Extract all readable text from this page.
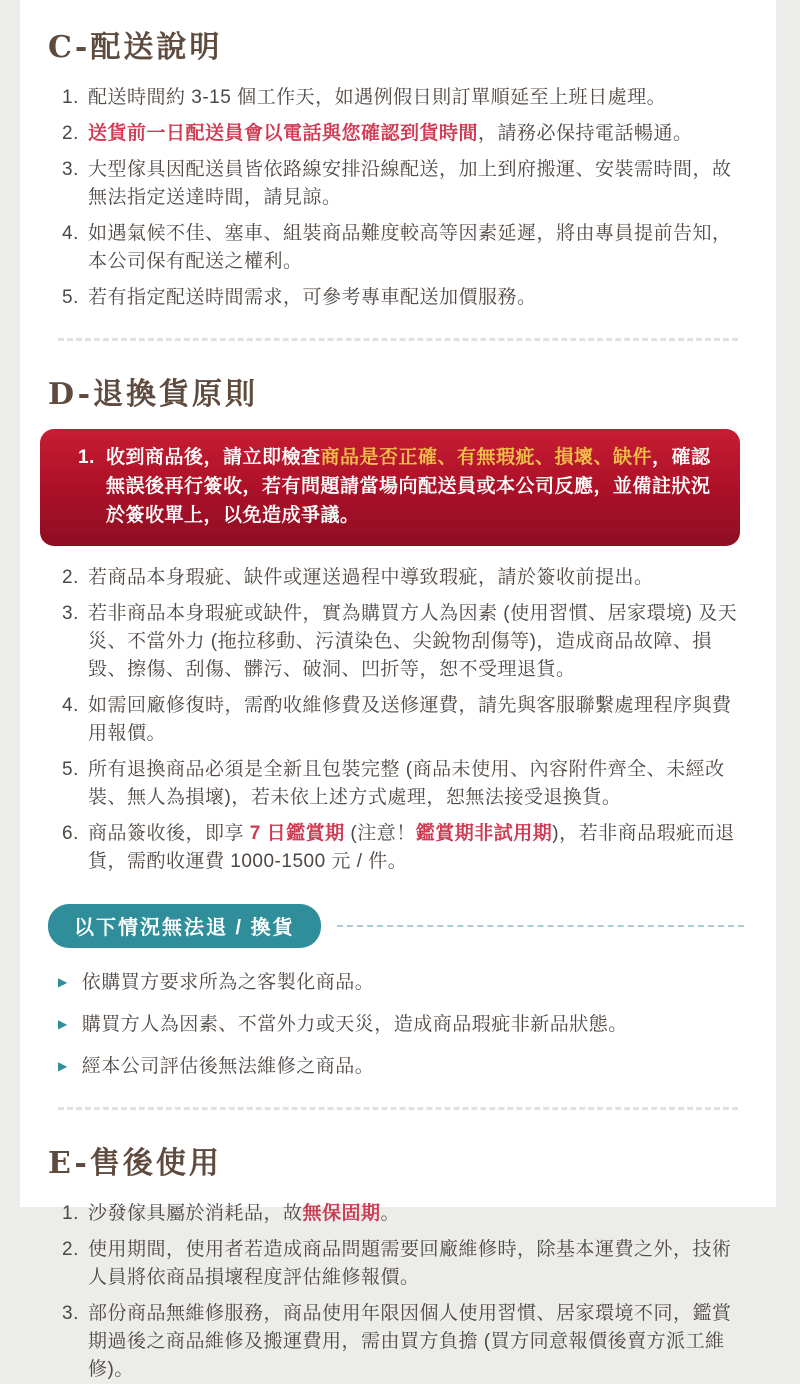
C-配送說明
1. 配送時間約 3-15 個工作天，如遇例假日則訂單順延至上班日處理。
2. 送貨前一日配送員會以電話與您確認到貨時間，請務必保持電話暢通。
3. 大型傢具因配送員皆依路線安排沿線配送，加上到府搬運、安裝需時間，故無法指定送達時間，請見諒。
4. 如遇氣候不佳、塞車、組裝商品難度較高等因素延遲，將由專員提前告知，本公司保有配送之權利。
5. 若有指定配送時間需求，可參考專車配送加價服務。
D-退換貨原則
1. 收到商品後，請立即檢查商品是否正確、有無瑕疵、損壞、缺件，確認無誤後再行簽收，若有問題請當場向配送員或本公司反應，並備註狀況於簽收單上，以免造成爭議。
2. 若商品本身瑕疵、缺件或運送過程中導致瑕疵，請於簽收前提出。
3. 若非商品本身瑕疵或缺件，實為購買方人為因素 (使用習慣、居家環境) 及天災、不當外力 (拖拉移動、污漬染色、尖銳物刮傷等)，造成商品故障、損毀、擦傷、刮傷、髒污、破洞、凹折等，恕不受理退貨。
4. 如需回廠修復時，需酌收維修費及送修運費，請先與客服聯繫處理程序與費用報價。
5. 所有退換商品必須是全新且包裝完整 (商品未使用、內容附件齊全、未經改裝、無人為損壞)，若未依上述方式處理，恕無法接受退換貨。
6. 商品簽收後，即享 7 日鑑賞期 (注意！鑑賞期非試用期)，若非商品瑕疵而退貨，需酌收運費 1000-1500 元 / 件。
以下情況無法退 / 換貨
▶ 依購買方要求所為之客製化商品。
▶ 購買方人為因素、不當外力或天災，造成商品瑕疵非新品狀態。
▶ 經本公司評估後無法維修之商品。
E-售後使用
1. 沙發傢具屬於消耗品，故無保固期。
2. 使用期間，使用者若造成商品問題需要回廠維修時，除基本運費之外，技術人員將依商品損壞程度評估維修報價。
3. 部份商品無維修服務，商品使用年限因個人使用習慣、居家環境不同，鑑賞期過後之商品維修及搬運費用，需由買方負擔 (買方同意報價後賣方派工維修)。
